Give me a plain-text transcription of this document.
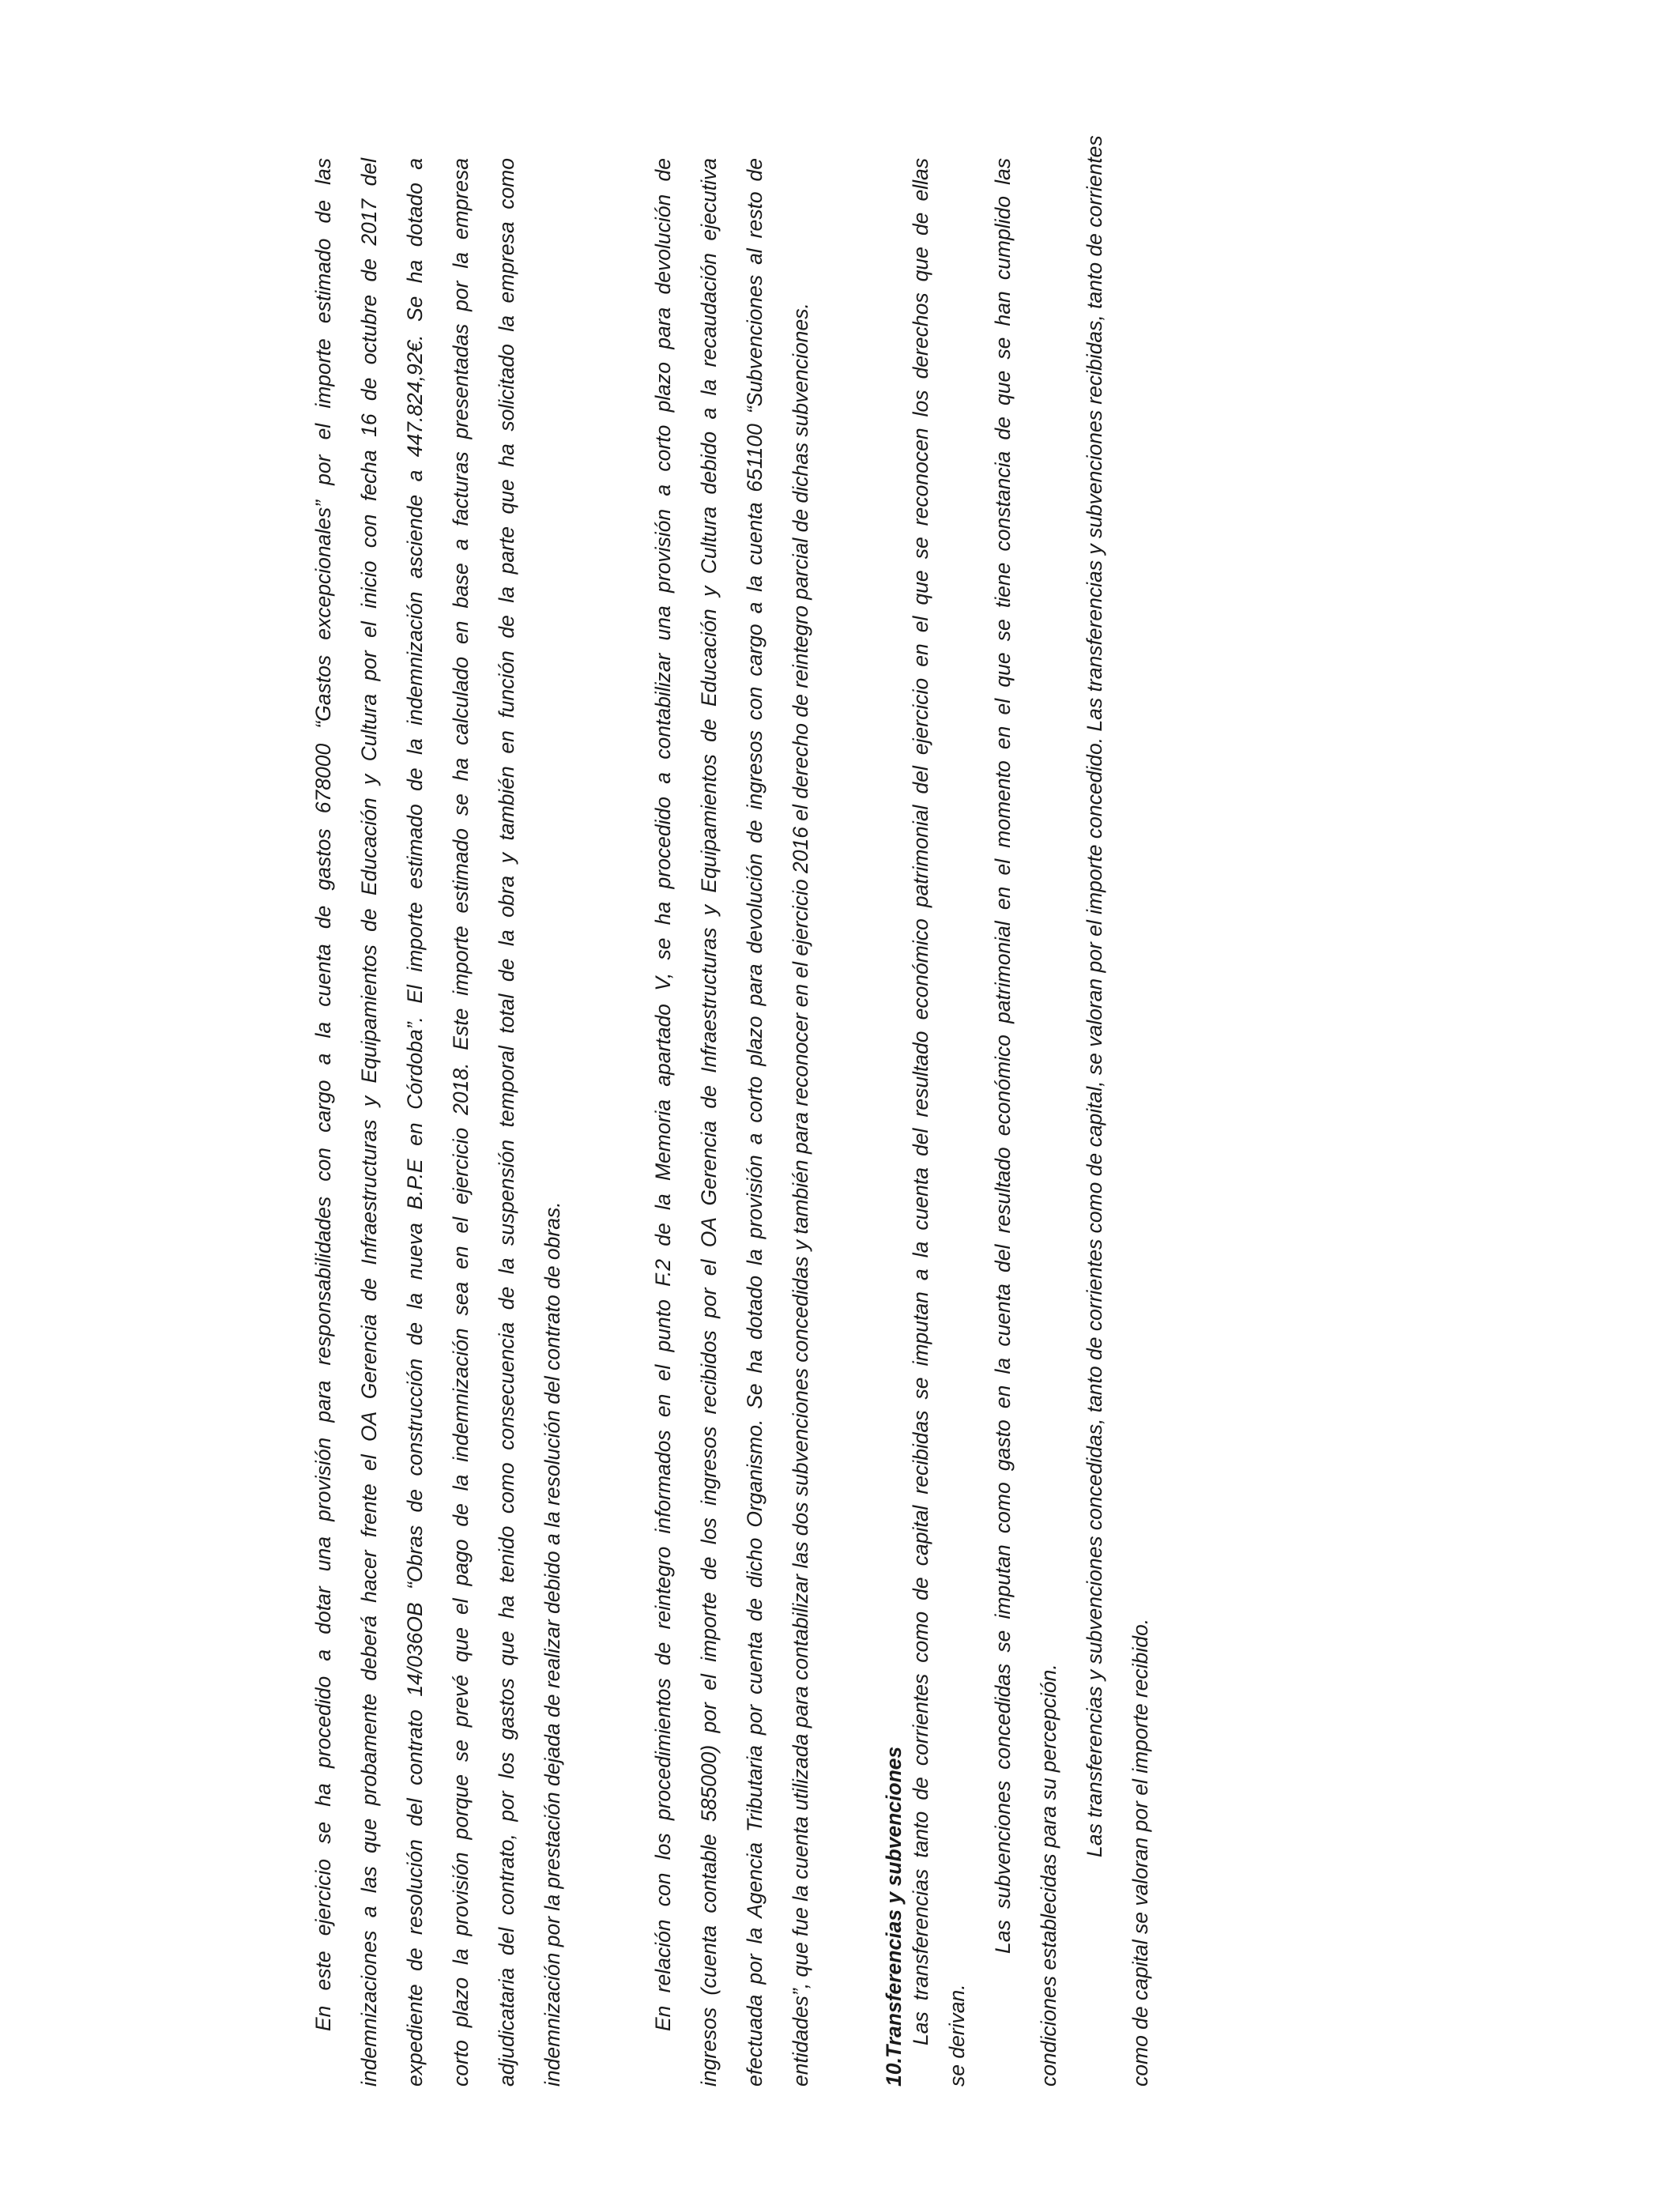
En este ejercicio se ha procedido a dotar una provisión para responsabilidades con cargo a la cuenta de gastos 678000 “Gastos excepcionales” por el importe estimado de las	indemnizaciones a las que probamente deberá hacer frente el OA Gerencia de Infraestructuras y Equipamientos de Educación y Cultura por el inicio con fecha 16 de octubre de 2017 del	expediente de resolución del contrato 14/036OB “Obras de construcción de la nueva B.P.E en Córdoba”. El importe estimado de la indemnización asciende a 447.824,92€. Se ha dotado a	corto plazo la provisión porque se prevé que el pago de la indemnización sea en el ejercicio 2018. Este importe estimado se ha calculado en base a facturas presentadas por la empresa	adjudicataria del contrato, por los gastos que ha tenido como consecuencia de la suspensión temporal total de la obra y también en función de la parte que ha solicitado la empresa como	indemnización por la prestación dejada de realizar debido a la resolución del contrato de obras.	En relación con los procedimientos de reintegro informados en el punto F.2 de la Memoria apartado V, se ha procedido a contabilizar una provisión a corto plazo para devolución de	ingresos (cuenta contable 585000) por el importe de los ingresos recibidos por el OA Gerencia de Infraestructuras y Equipamientos de Educación y Cultura debido a la recaudación ejecutiva	efectuada por la Agencia Tributaria por cuenta de dicho Organismo. Se ha dotado la provisión a corto plazo para devolución de ingresos con cargo a la cuenta 651100 “Subvenciones al resto de	entidades”, que fue la cuenta utilizada para contabilizar las dos subvenciones concedidas y también para reconocer en el ejercicio 2016 el derecho de reintegro parcial de dichas subvenciones.	10.Transferencias y subvenciones Las transferencias tanto de corrientes como de capital recibidas se imputan a la cuenta del resultado económico patrimonial del ejercicio en el que se reconocen los derechos que de ellas se derivan.
Las subvenciones concedidas se imputan como gasto en la cuenta del resultado económico patrimonial en el momento en el que se tiene constancia de que se han cumplido las	condiciones establecidas para su percepción.
Las transferencias y subvenciones concedidas, tanto de corrientes como de capital, se valoran por el importe concedido. Las transferencias y subvenciones recibidas, tanto de corrientes	como de capital se valoran por el importe recibido.
